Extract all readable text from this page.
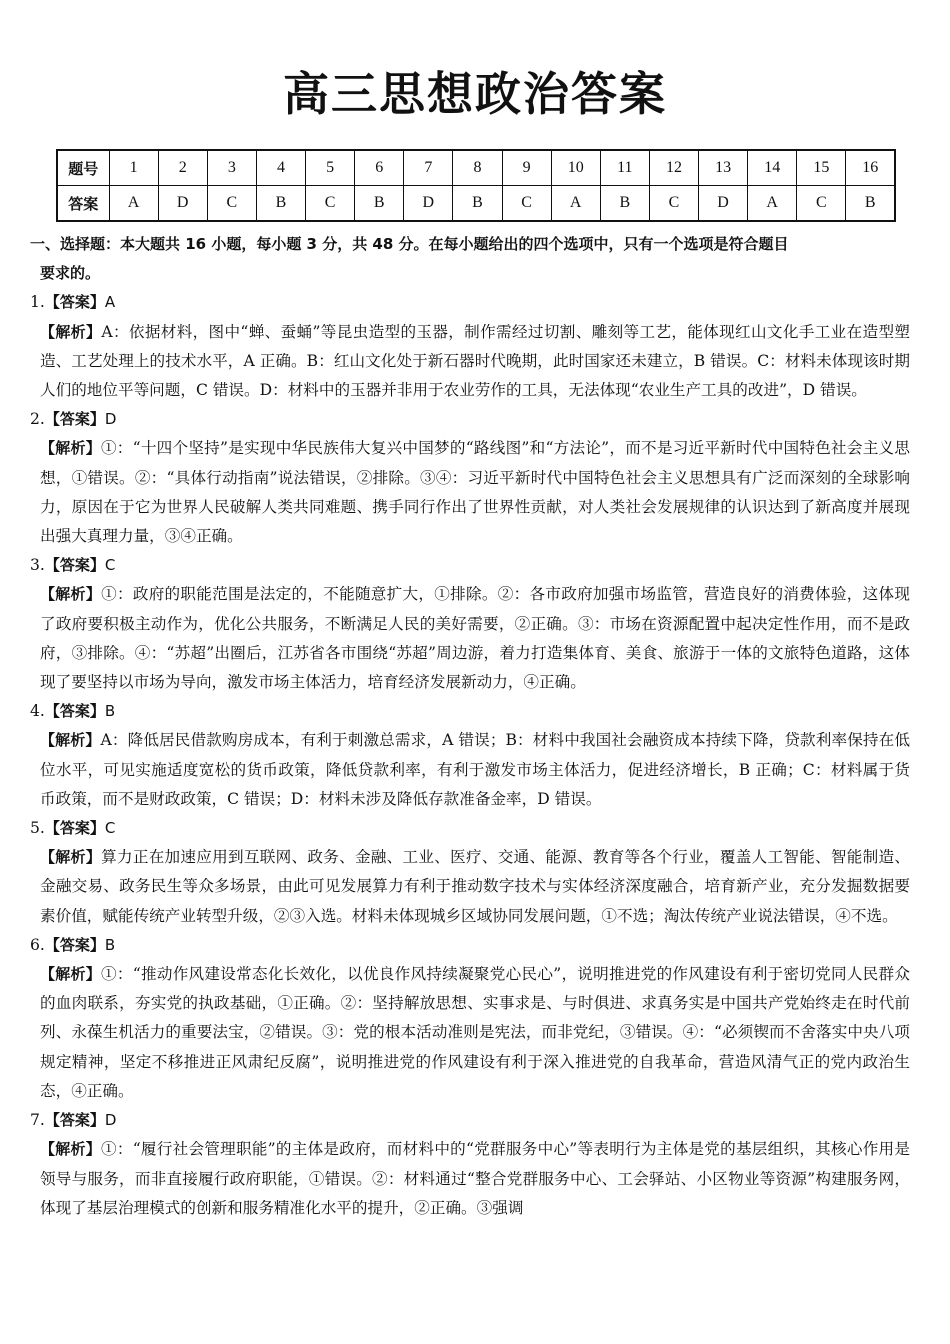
高三思想政治答案
题号	1	2	3	4	5	6	7	8	9	10	11	12	13	14	15	16
答案	A	D	C	B	C	B	D	B	C	A	B	C	D	A	C	B
一、选择题：本大题共 16 小题，每小题 3 分，共 48 分。在每小题给出的四个选项中，只有一个选项是符合题目
要求的。
1.【答案】A
【解析】A：依据材料，图中“蝉、蚕蛹”等昆虫造型的玉器，制作需经过切割、雕刻等工艺，能体现红山文化手工业在造型塑造、工艺处理上的技术水平，A 正确。B：红山文化处于新石器时代晚期，此时国家还未建立，B 错误。C：材料未体现该时期人们的地位平等问题，C 错误。D：材料中的玉器并非用于农业劳作的工具，无法体现“农业生产工具的改进”，D 错误。
2.【答案】D
【解析】①：“十四个坚持”是实现中华民族伟大复兴中国梦的“路线图”和“方法论”，而不是习近平新时代中国特色社会主义思想，①错误。②：“具体行动指南”说法错误，②排除。③④：习近平新时代中国特色社会主义思想具有广泛而深刻的全球影响力，原因在于它为世界人民破解人类共同难题、携手同行作出了世界性贡献，对人类社会发展规律的认识达到了新高度并展现出强大真理力量，③④正确。
3.【答案】C
【解析】①：政府的职能范围是法定的，不能随意扩大，①排除。②：各市政府加强市场监管，营造良好的消费体验，这体现了政府要积极主动作为，优化公共服务，不断满足人民的美好需要，②正确。③：市场在资源配置中起决定性作用，而不是政府，③排除。④：“苏超”出圈后，江苏省各市围绕“苏超”周边游，着力打造集体育、美食、旅游于一体的文旅特色道路，这体现了要坚持以市场为导向，激发市场主体活力，培育经济发展新动力，④正确。
4.【答案】B
【解析】A：降低居民借款购房成本，有利于刺激总需求，A 错误；B：材料中我国社会融资成本持续下降，贷款利率保持在低位水平，可见实施适度宽松的货币政策，降低贷款利率，有利于激发市场主体活力，促进经济增长，B 正确；C：材料属于货币政策，而不是财政政策，C 错误；D：材料未涉及降低存款准备金率，D 错误。
5.【答案】C
【解析】算力正在加速应用到互联网、政务、金融、工业、医疗、交通、能源、教育等各个行业，覆盖人工智能、智能制造、金融交易、政务民生等众多场景，由此可见发展算力有利于推动数字技术与实体经济深度融合，培育新产业，充分发掘数据要素价值，赋能传统产业转型升级，②③入选。材料未体现城乡区域协同发展问题，①不选；淘汰传统产业说法错误，④不选。
6.【答案】B
【解析】①：“推动作风建设常态化长效化，以优良作风持续凝聚党心民心”，说明推进党的作风建设有利于密切党同人民群众的血肉联系，夯实党的执政基础，①正确。②：坚持解放思想、实事求是、与时俱进、求真务实是中国共产党始终走在时代前列、永葆生机活力的重要法宝，②错误。③：党的根本活动准则是宪法，而非党纪，③错误。④：“必须锲而不舍落实中央八项规定精神，坚定不移推进正风肃纪反腐”，说明推进党的作风建设有利于深入推进党的自我革命，营造风清气正的党内政治生态，④正确。
7.【答案】D
【解析】①：“履行社会管理职能”的主体是政府，而材料中的“党群服务中心”等表明行为主体是党的基层组织，其核心作用是领导与服务，而非直接履行政府职能，①错误。②：材料通过“整合党群服务中心、工会驿站、小区物业等资源”构建服务网，体现了基层治理模式的创新和服务精准化水平的提升，②正确。③强调
